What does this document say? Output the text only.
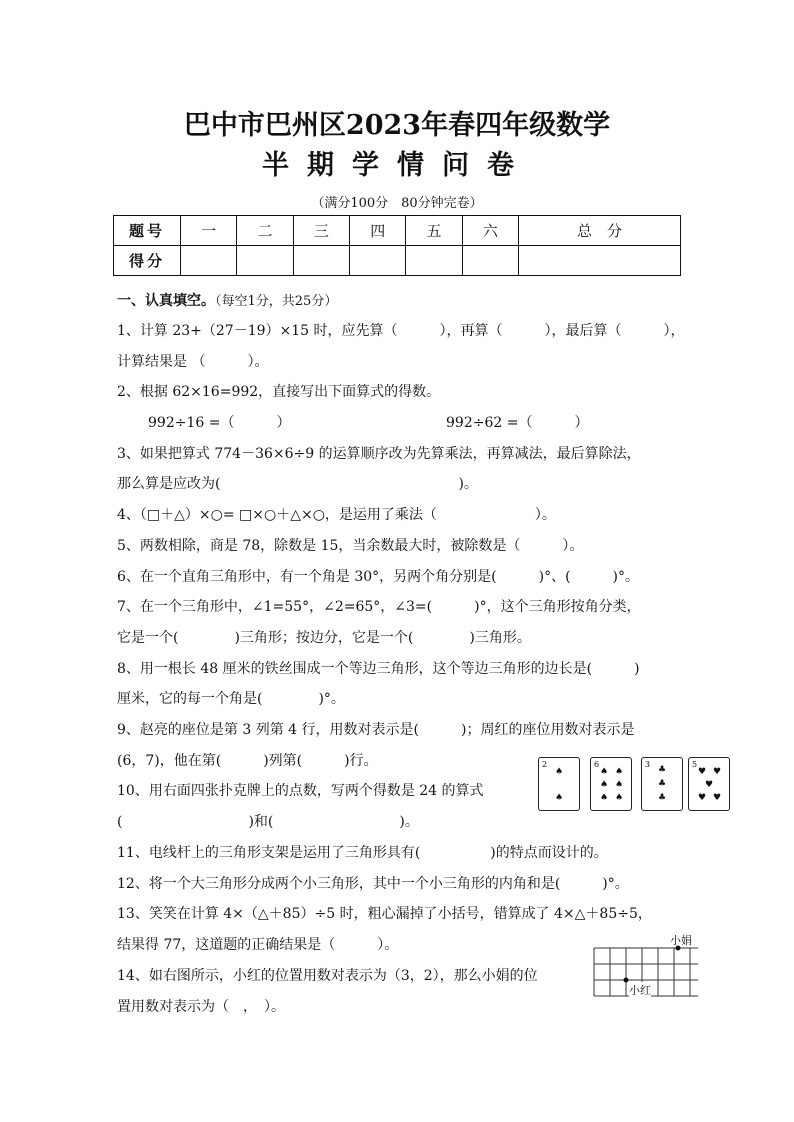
巴中市巴州区2023年春四年级数学
半期学情问卷
（满分100分　80分钟完卷）
题号	一	二	三	四	五	六	总　分
得分							
一、认真填空。（每空1分，共25分）
1、计算 23+（27－19）×15 时，应先算（　　　），再算（　　　），最后算（　　　），
计算结果是 （　　　）。
2、根据 62×16=992，直接写出下面算式的得数。
992÷16 =（　　　）	992÷62 =（　　　）
3、如果把算式 774－36×6÷9 的运算顺序改为先算乘法，再算减法，最后算除法，
那么算是应改为(　　　　　　　　　　　　　　　　　)。
4、（□＋△）×○= □×○＋△×○，是运用了乘法（　　　　　　　）。
5、两数相除，商是 78，除数是 15，当余数最大时，被除数是（　　　）。
6、在一个直角三角形中，有一个角是 30°，另两个角分别是(　　　)°、(　　　)°。
7、在一个三角形中，∠1=55°，∠2=65°，∠3=(　　　)°，这个三角形按角分类，
它是一个(　　　　)三角形；按边分，它是一个(　　　　)三角形。
8、用一根长 48 厘米的铁丝围成一个等边三角形，这个等边三角形的边长是(　　　)
厘米，它的每一个角是(　　　　)°。
9、赵亮的座位是第 3 列第 4 行，用数对表示是(　　　)；周红的座位用数对表示是
(6，7)，他在第(　　　)列第(　　　)行。
10、用右面四张扑克牌上的点数，写两个得数是 24 的算式
(　　　　　　　　　)和(　　　　　　　　　)。
11、电线杆上的三角形支架是运用了三角形具有(　　　　　)的特点而设计的。
12、将一个大三角形分成两个小三角形，其中一个小三角形的内角和是(　　　)°。
13、笑笑在计算 4×（△＋85）÷5 时，粗心漏掉了小括号，错算成了 4×△＋85÷5，
结果得 77，这道题的正确结果是（　　　）。
14、如右图所示，小红的位置用数对表示为（3，2），那么小娟的位
置用数对表示为（　，　）。
2
♠
♠
6
♠ ♠
♠ ♠
♠ ♠
3
♣
♣
♣
5
♥ ♥
♥
♥ ♥
小娟
小红
